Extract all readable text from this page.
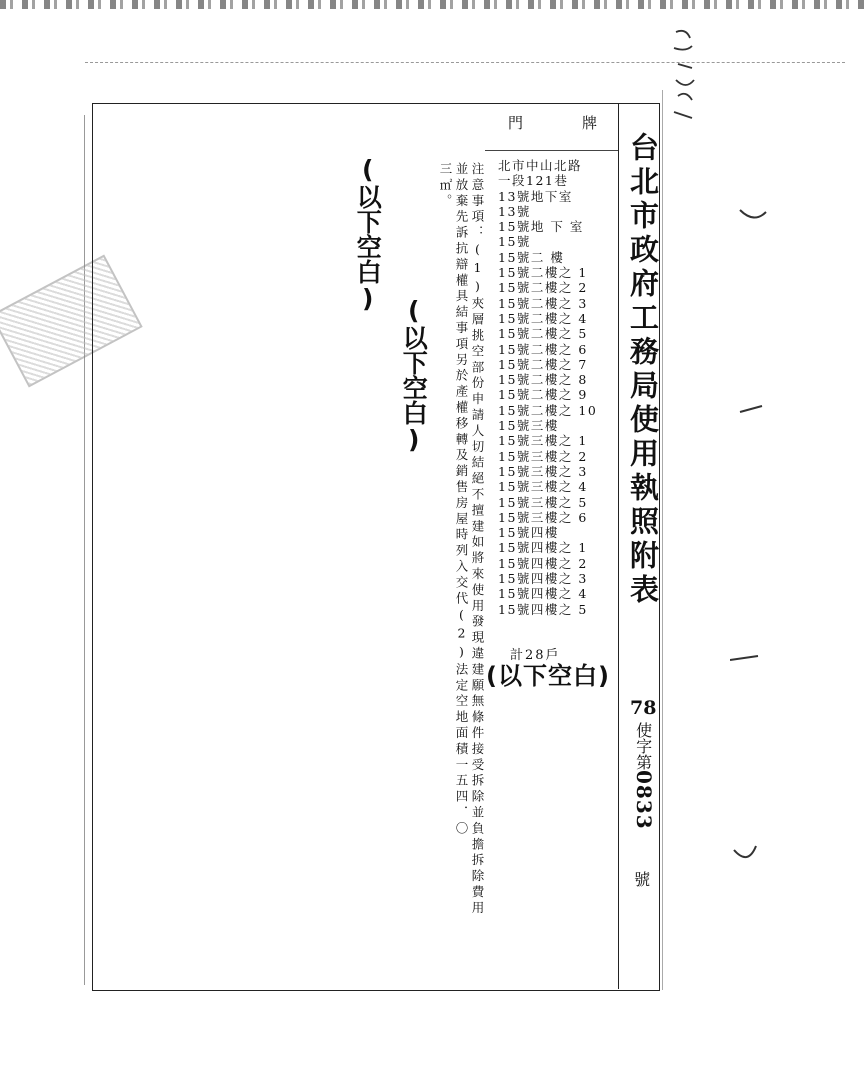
門	牌
台北市政府工務局使用執照附表
78
使字第
0833
號
北市中山北路
一段121巷
13號地下室
13號
15號地 下 室
15號
15號二 樓
15號二樓之 1
15號二樓之 2
15號二樓之 3
15號二樓之 4
15號二樓之 5
15號二樓之 6
15號二樓之 7
15號二樓之 8
15號二樓之 9
15號二樓之 10
15號三樓
15號三樓之 1
15號三樓之 2
15號三樓之 3
15號三樓之 4
15號三樓之 5
15號三樓之 6
15號四樓
15號四樓之 1
15號四樓之 2
15號四樓之 3
15號四樓之 4
15號四樓之 5
計28戶
(以下空白)
注意事項：(1)夾層挑空部份申請人切結絕不擅建如將來使用發現違建願無條件接受拆除並負擔拆除費用
並放棄先訴抗辯權具結事項另於產權移轉及銷售房屋時列入交代(2)法定空地面積一五四．〇
三㎡。
(以下空白)
(以下空白)
